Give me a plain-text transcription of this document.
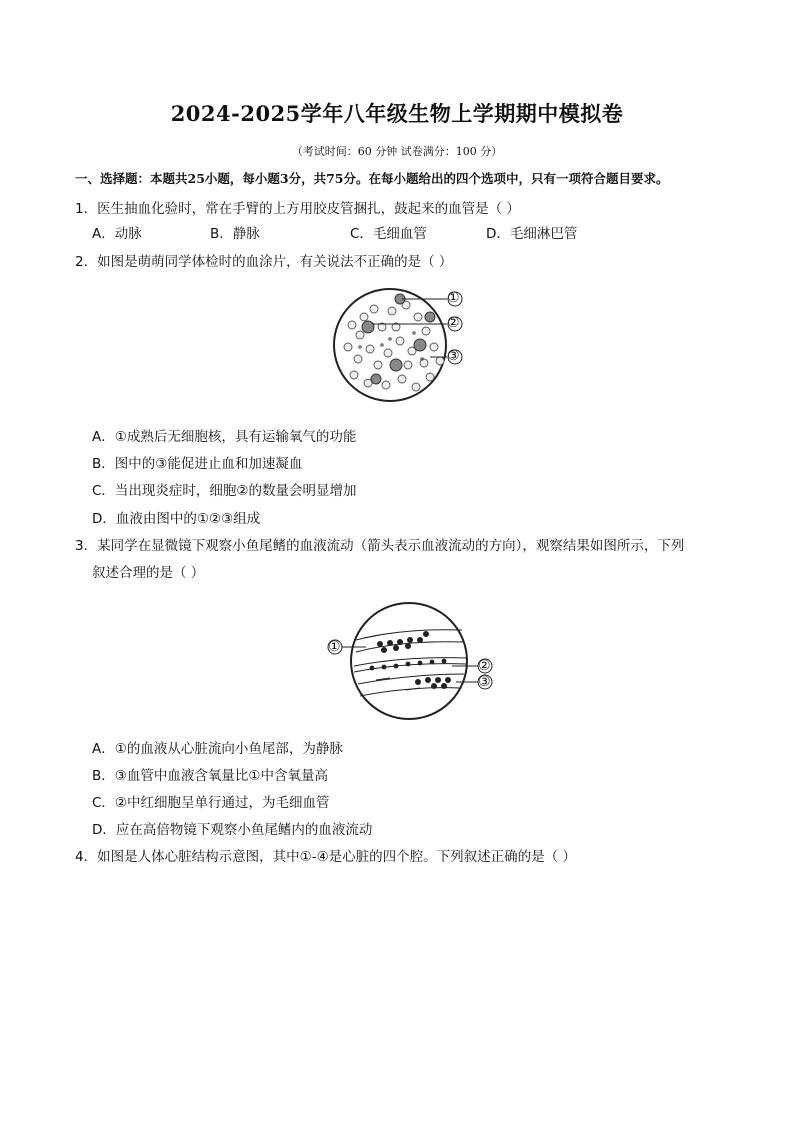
2024-2025学年八年级生物上学期期中模拟卷
（考试时间：60 分钟 试卷满分：100 分）
一、选择题：本题共25小题，每小题3分，共75分。在每小题给出的四个选项中，只有一项符合题目要求。
1．医生抽血化验时，常在手臂的上方用胶皮管捆扎，鼓起来的血管是（ ）
A．动脉	B．静脉	C．毛细血管	D．毛细淋巴管
2．如图是萌萌同学体检时的血涂片，有关说法不正确的是（ ）
①
②
③
A．①成熟后无细胞核，具有运输氧气的功能
B．图中的③能促进止血和加速凝血
C．当出现炎症时，细胞②的数量会明显增加
D．血液由图中的①②③组成
3．某同学在显微镜下观察小鱼尾鳍的血液流动（箭头表示血液流动的方向），观察结果如图所示，下列
叙述合理的是（ ）
①
②
③
A．①的血液从心脏流向小鱼尾部，为静脉
B．③血管中血液含氧量比①中含氧量高
C．②中红细胞呈单行通过，为毛细血管
D．应在高倍物镜下观察小鱼尾鳍内的血液流动
4．如图是人体心脏结构示意图，其中①-④是心脏的四个腔。下列叙述正确的是（ ）
